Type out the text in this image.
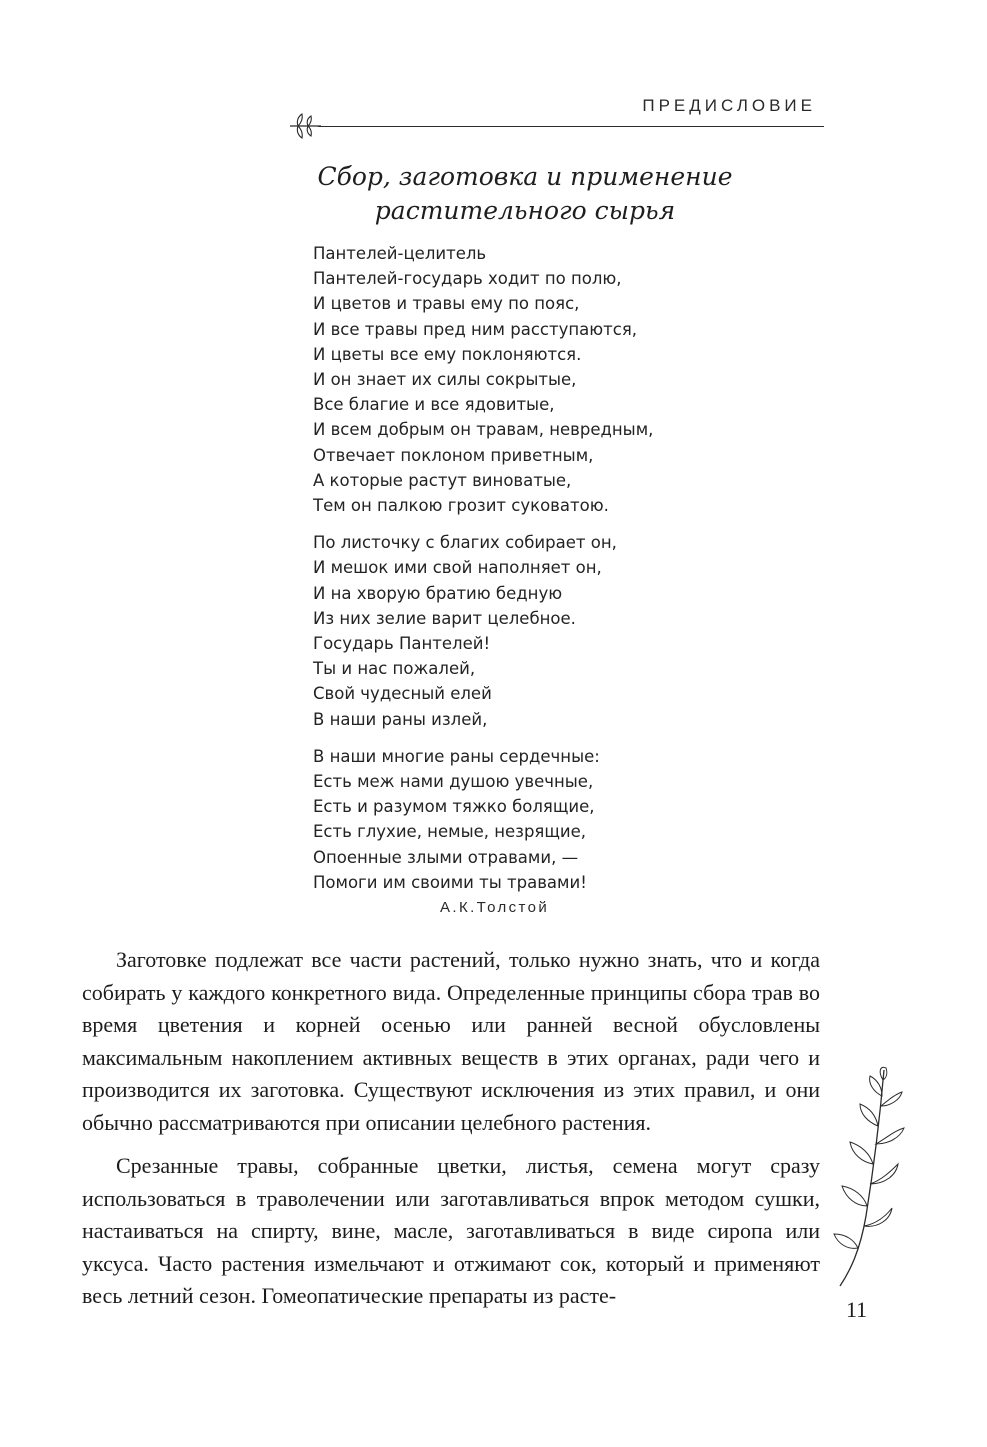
ПРЕДИСЛОВИЕ
Сбор, заготовка и применение
растительного сырья
Пантелей-целитель
Пантелей-государь ходит по полю,
И цветов и травы ему по пояс,
И все травы пред ним расступаются,
И цветы все ему поклоняются.
И он знает их силы сокрытые,
Все благие и все ядовитые,
И всем добрым он травам, невредным,
Отвечает поклоном приветным,
А которые растут виноватые,
Тем он палкою грозит суковатою.
По листочку с благих собирает он,
И мешок ими свой наполняет он,
И на хворую братию бедную
Из них зелие варит целебное.
Государь Пантелей!
Ты и нас пожалей,
Свой чудесный елей
В наши раны излей,
В наши многие раны сердечные:
Есть меж нами душою увечные,
Есть и разумом тяжко болящие,
Есть глухие, немые, незрящие,
Опоенные злыми отравами, —
Помоги им своими ты травами!
А.К.Толстой

Заготовке подлежат все части растений, только нужно знать, что и когда собирать у каждого конкретного вида. Определенные принципы сбора трав во время цветения и корней осенью или ранней весной обусловлены максимальным накоплением активных веществ в этих органах, ради чего и производится их заготовка. Существуют исключения из этих правил, и они обычно рассматриваются при описании целебного растения.

Срезанные травы, собранные цветки, листья, семена могут сразу использоваться в траволечении или заготавливаться впрок методом сушки, настаиваться на спирту, вине, масле, заготавливаться в виде сиропа или уксуса. Часто растения измельчают и отжимают сок, который и применяют весь летний сезон. Гомеопатические препараты из расте-

11
